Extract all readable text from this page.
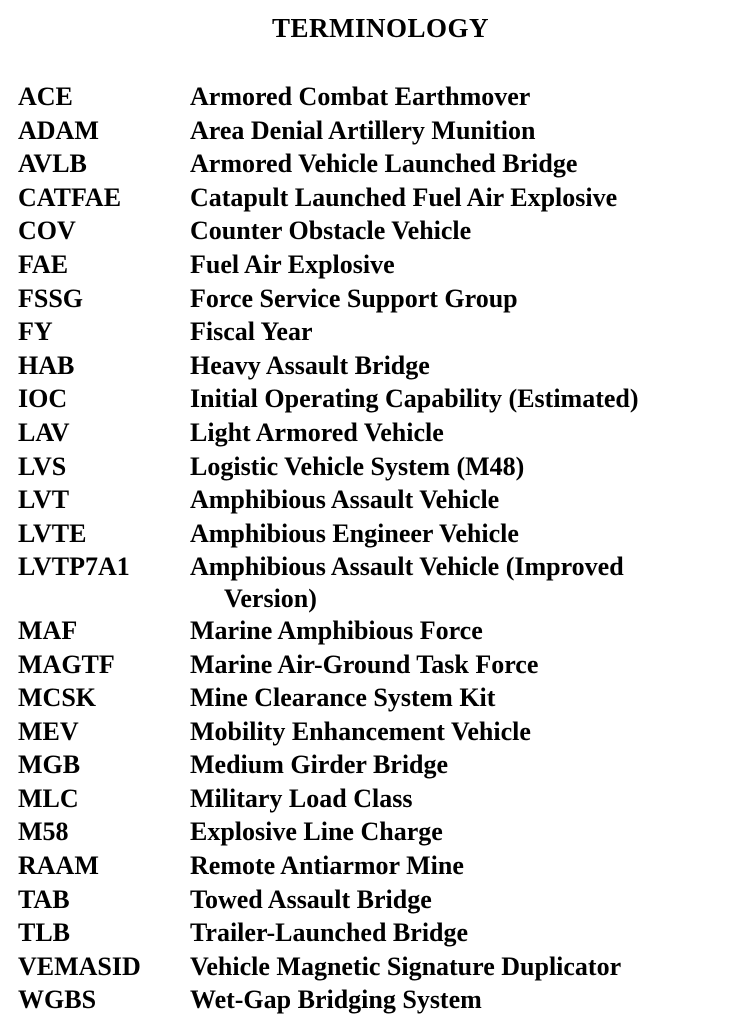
TERMINOLOGY
ACE	Armored Combat Earthmover
ADAM	Area Denial Artillery Munition
AVLB	Armored Vehicle Launched Bridge
CATFAE	Catapult Launched Fuel Air Explosive
COV	Counter Obstacle Vehicle
FAE	Fuel Air Explosive
FSSG	Force Service Support Group
FY	Fiscal Year
HAB	Heavy Assault Bridge
IOC	Initial Operating Capability (Estimated)
LAV	Light Armored Vehicle
LVS	Logistic Vehicle System (M48)
LVT	Amphibious Assault Vehicle
LVTE	Amphibious Engineer Vehicle
LVTP7A1	Amphibious Assault Vehicle (Improved
Version)
MAF	Marine Amphibious Force
MAGTF	Marine Air-Ground Task Force
MCSK	Mine Clearance System Kit
MEV	Mobility Enhancement Vehicle
MGB	Medium Girder Bridge
MLC	Military Load Class
M58	Explosive Line Charge
RAAM	Remote Antiarmor Mine
TAB	Towed Assault Bridge
TLB	Trailer-Launched Bridge
VEMASID	Vehicle Magnetic Signature Duplicator
WGBS	Wet-Gap Bridging System
